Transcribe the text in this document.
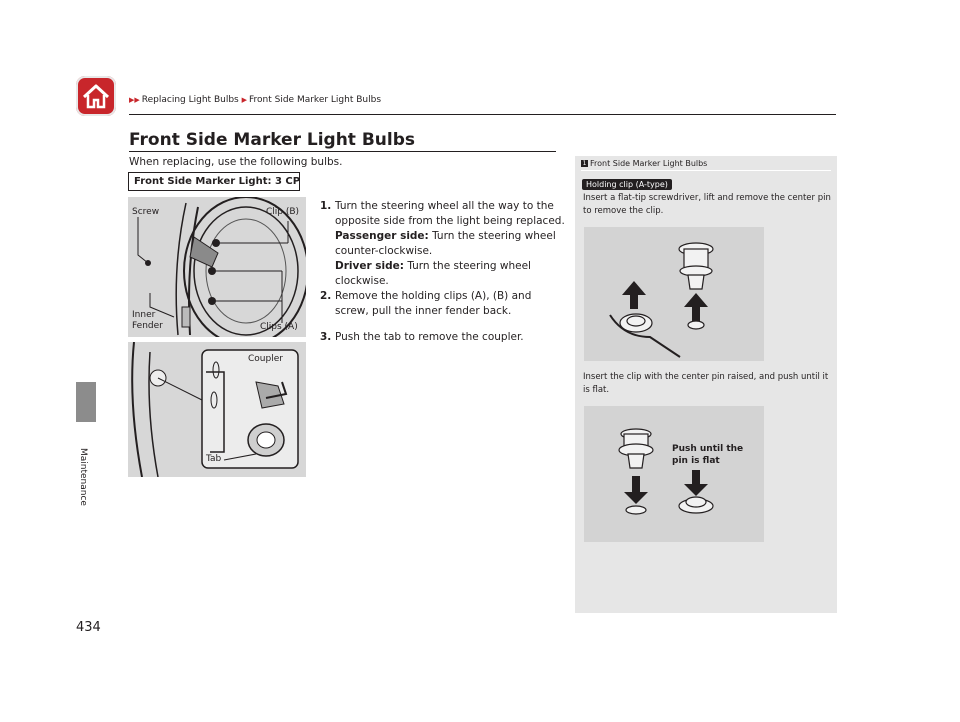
▶▶ Replacing Light Bulbs ▶ Front Side Marker Light Bulbs
Maintenance
434
Front Side Marker Light Bulbs
When replacing, use the following bulbs.
Front Side Marker Light: 3 CP
Screw	Clip (B)
Inner
Fender	Clips (A)
Coupler
Tab
1. Turn the steering wheel all the way to the opposite side from the light being replaced.
Passenger side: Turn the steering wheel counter-clockwise.
Driver side: Turn the steering wheel clockwise.
2. Remove the holding clips (A), (B) and screw, pull the inner fender back.
3. Push the tab to remove the coupler.
1 Front Side Marker Light Bulbs
Holding clip (A-type)
Insert a flat-tip screwdriver, lift and remove the center pin to remove the clip.
Insert the clip with the center pin raised, and push until it is flat.
Push until the
pin is flat
